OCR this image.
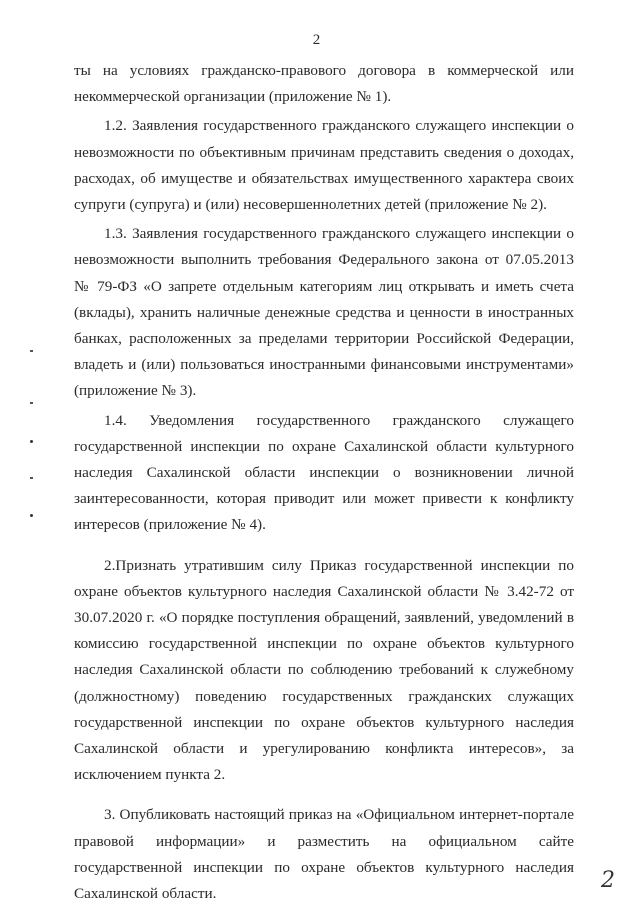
2

ты на условиях гражданско-правового договора в коммерческой или некоммерческой организации (приложение № 1).

1.2. Заявления государственного гражданского служащего инспекции о невозможности по объективным причинам представить сведения о доходах, расходах, об имуществе и обязательствах имущественного характера своих супруги (супруга) и (или) несовершеннолетних детей (приложение № 2).

1.3. Заявления государственного гражданского служащего инспекции о невозможности выполнить требования Федерального закона от 07.05.2013 № 79-ФЗ «О запрете отдельным категориям лиц открывать и иметь счета (вклады), хранить наличные денежные средства и ценности в иностранных банках, расположенных за пределами территории Российской Федерации, владеть и (или) пользоваться иностранными финансовыми инструментами» (приложение № 3).

1.4. Уведомления государственного гражданского служащего государственной инспекции по охране Сахалинской области культурного наследия Сахалинской области инспекции о возникновении личной заинтересованности, которая приводит или может привести к конфликту интересов (приложение № 4).

2.Признать утратившим силу Приказ государственной инспекции по охране объектов культурного наследия Сахалинской области № 3.42-72 от 30.07.2020 г. «О порядке поступления обращений, заявлений, уведомлений в комиссию государственной инспекции по охране объектов культурного наследия Сахалинской области по соблюдению требований к служебному (должностному) поведению государственных гражданских служащих государственной инспекции по охране объектов культурного наследия Сахалинской области и урегулированию конфликта интересов», за исключением пункта 2.

3. Опубликовать настоящий приказ на «Официальном интернет-портале правовой информации» и разместить на официальном сайте государственной инспекции по охране объектов культурного наследия Сахалинской области.

2
